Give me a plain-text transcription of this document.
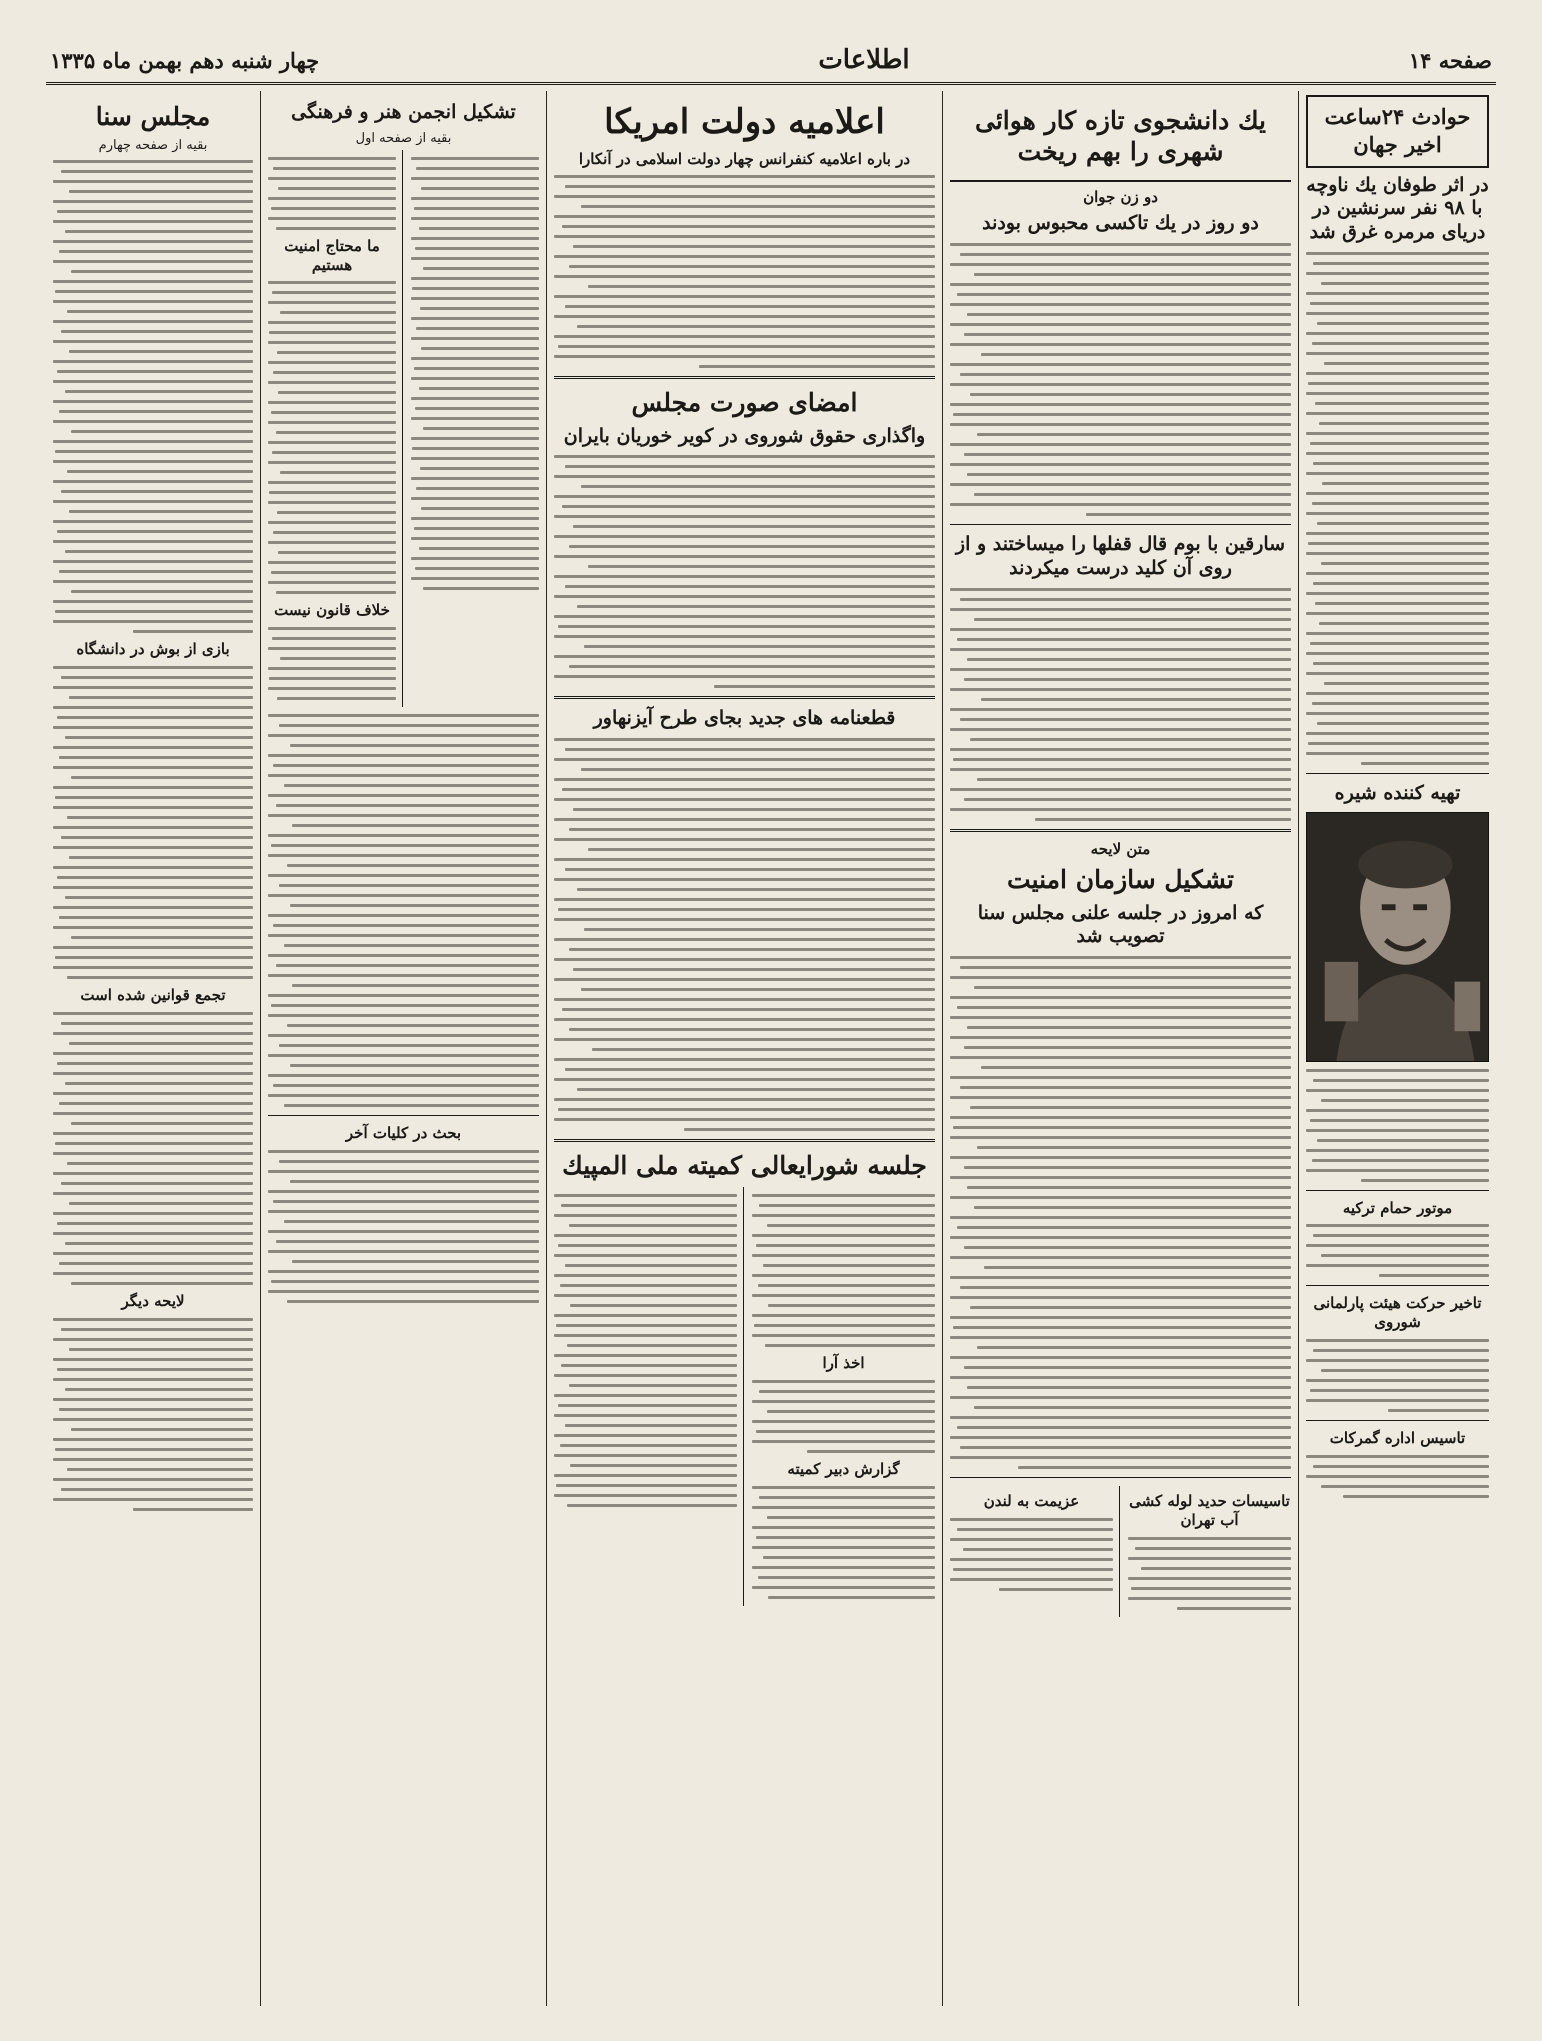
صفحه ۱۴
اطلاعات
چهار شنبه دهم بهمن ماه ۱۳۳۵
حوادث ۲۴ساعت اخیر جهان
در اثر طوفان یك ناوچه با ۹۸ نفر سرنشین در دریای مرمره غرق شد
تهیه کننده شیره
موتور حمام ترکیه
تاخیر حرکت هیئت پارلمانی شوروی
تاسیس اداره گمرکات
یك دانشجوی تازه کار هوائی شهری را بهم ریخت
دو زن جوان
دو روز در یك تاکسی محبوس بودند
سارقین با بوم قال قفلها را میساختند و از روی آن کلید درست میکردند
متن لایحه
تشکیل سازمان امنیت
که امروز در جلسه علنی مجلس سنا تصویب شد
تاسیسات حدید لوله کشی آب تهران
عزیمت به لندن
اعلامیه دولت امریکا
در باره اعلامیه کنفرانس چهار دولت اسلامی در آنکارا
امضای صورت مجلس
واگذاری حقوق شوروی در کویر خوریان بایران
قطعنامه های جدید بجای طرح آیزنهاور
جلسه شورایعالی کمیته ملی المپیك
اخذ آرا
گزارش دبیر کمیته
تشکیل انجمن هنر و فرهنگی
بقیه از صفحه اول
ما محتاج امنیت هستیم
خلاف قانون نیست
بحث در کلیات آخر
مجلس سنا
بقیه از صفحه چهارم
بازی از بوش در دانشگاه
تجمع قوانین شده است
لایحه دیگر
